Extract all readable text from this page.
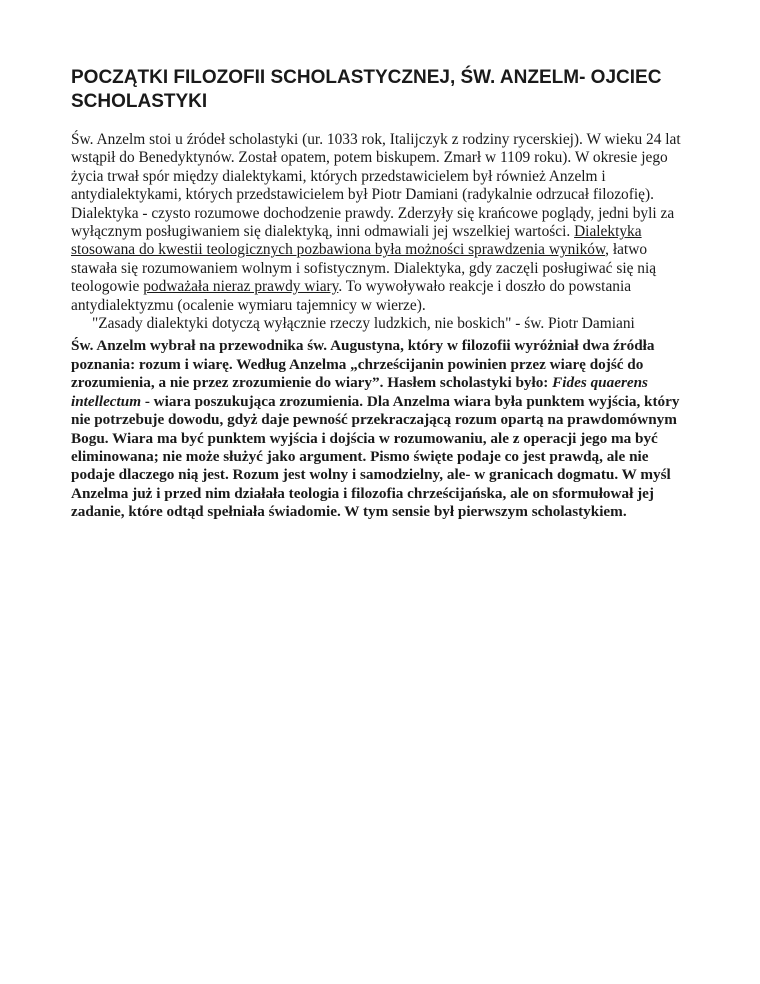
POCZĄTKI FILOZOFII SCHOLASTYCZNEJ, ŚW. ANZELM- OJCIEC SCHOLASTYKI

Św. Anzelm stoi u źródeł scholastyki (ur. 1033 rok, Italijczyk z rodziny rycerskiej). W wieku 24 lat wstąpił do Benedyktynów. Został opatem, potem biskupem. Zmarł w 1109 roku). W okresie jego życia trwał spór między dialektykami, których przedstawicielem był również Anzelm i antydialektykami, których przedstawicielem był Piotr Damiani (radykalnie odrzucał filozofię).

Dialektyka - czysto rozumowe dochodzenie prawdy. Zderzyły się krańcowe poglądy, jedni byli za wyłącznym posługiwaniem się dialektyką, inni odmawiali jej wszelkiej wartości. Dialektyka stosowana do kwestii teologicznych pozbawiona była możności sprawdzenia wyników, łatwo stawała się rozumowaniem wolnym i sofistycznym. Dialektyka, gdy zaczęli posługiwać się nią teologowie podważała nieraz prawdy wiary. To wywoływało reakcje i doszło do powstania antydialektyzmu (ocalenie wymiaru tajemnicy w wierze).

"Zasady dialektyki dotyczą wyłącznie rzeczy ludzkich, nie boskich" - św. Piotr Damiani

Św. Anzelm wybrał na przewodnika św. Augustyna, który w filozofii wyróżniał dwa źródła poznania: rozum i wiarę. Według Anzelma „chrześcijanin powinien przez wiarę dojść do zrozumienia, a nie przez zrozumienie do wiary”. Hasłem scholastyki było: Fides quaerens intellectum - wiara poszukująca zrozumienia. Dla Anzelma wiara była punktem wyjścia, który nie potrzebuje dowodu, gdyż daje pewność przekraczającą rozum opartą na prawdomównym Bogu. Wiara ma być punktem wyjścia i dojścia w rozumowaniu, ale z operacji jego ma być eliminowana; nie może służyć jako argument. Pismo święte podaje co jest prawdą, ale nie podaje dlaczego nią jest. Rozum jest wolny i samodzielny, ale- w granicach dogmatu. W myśl Anzelma już i przed nim działała teologia i filozofia chrześcijańska, ale on sformułował jej zadanie, które odtąd spełniała świadomie. W tym sensie był pierwszym scholastykiem.
